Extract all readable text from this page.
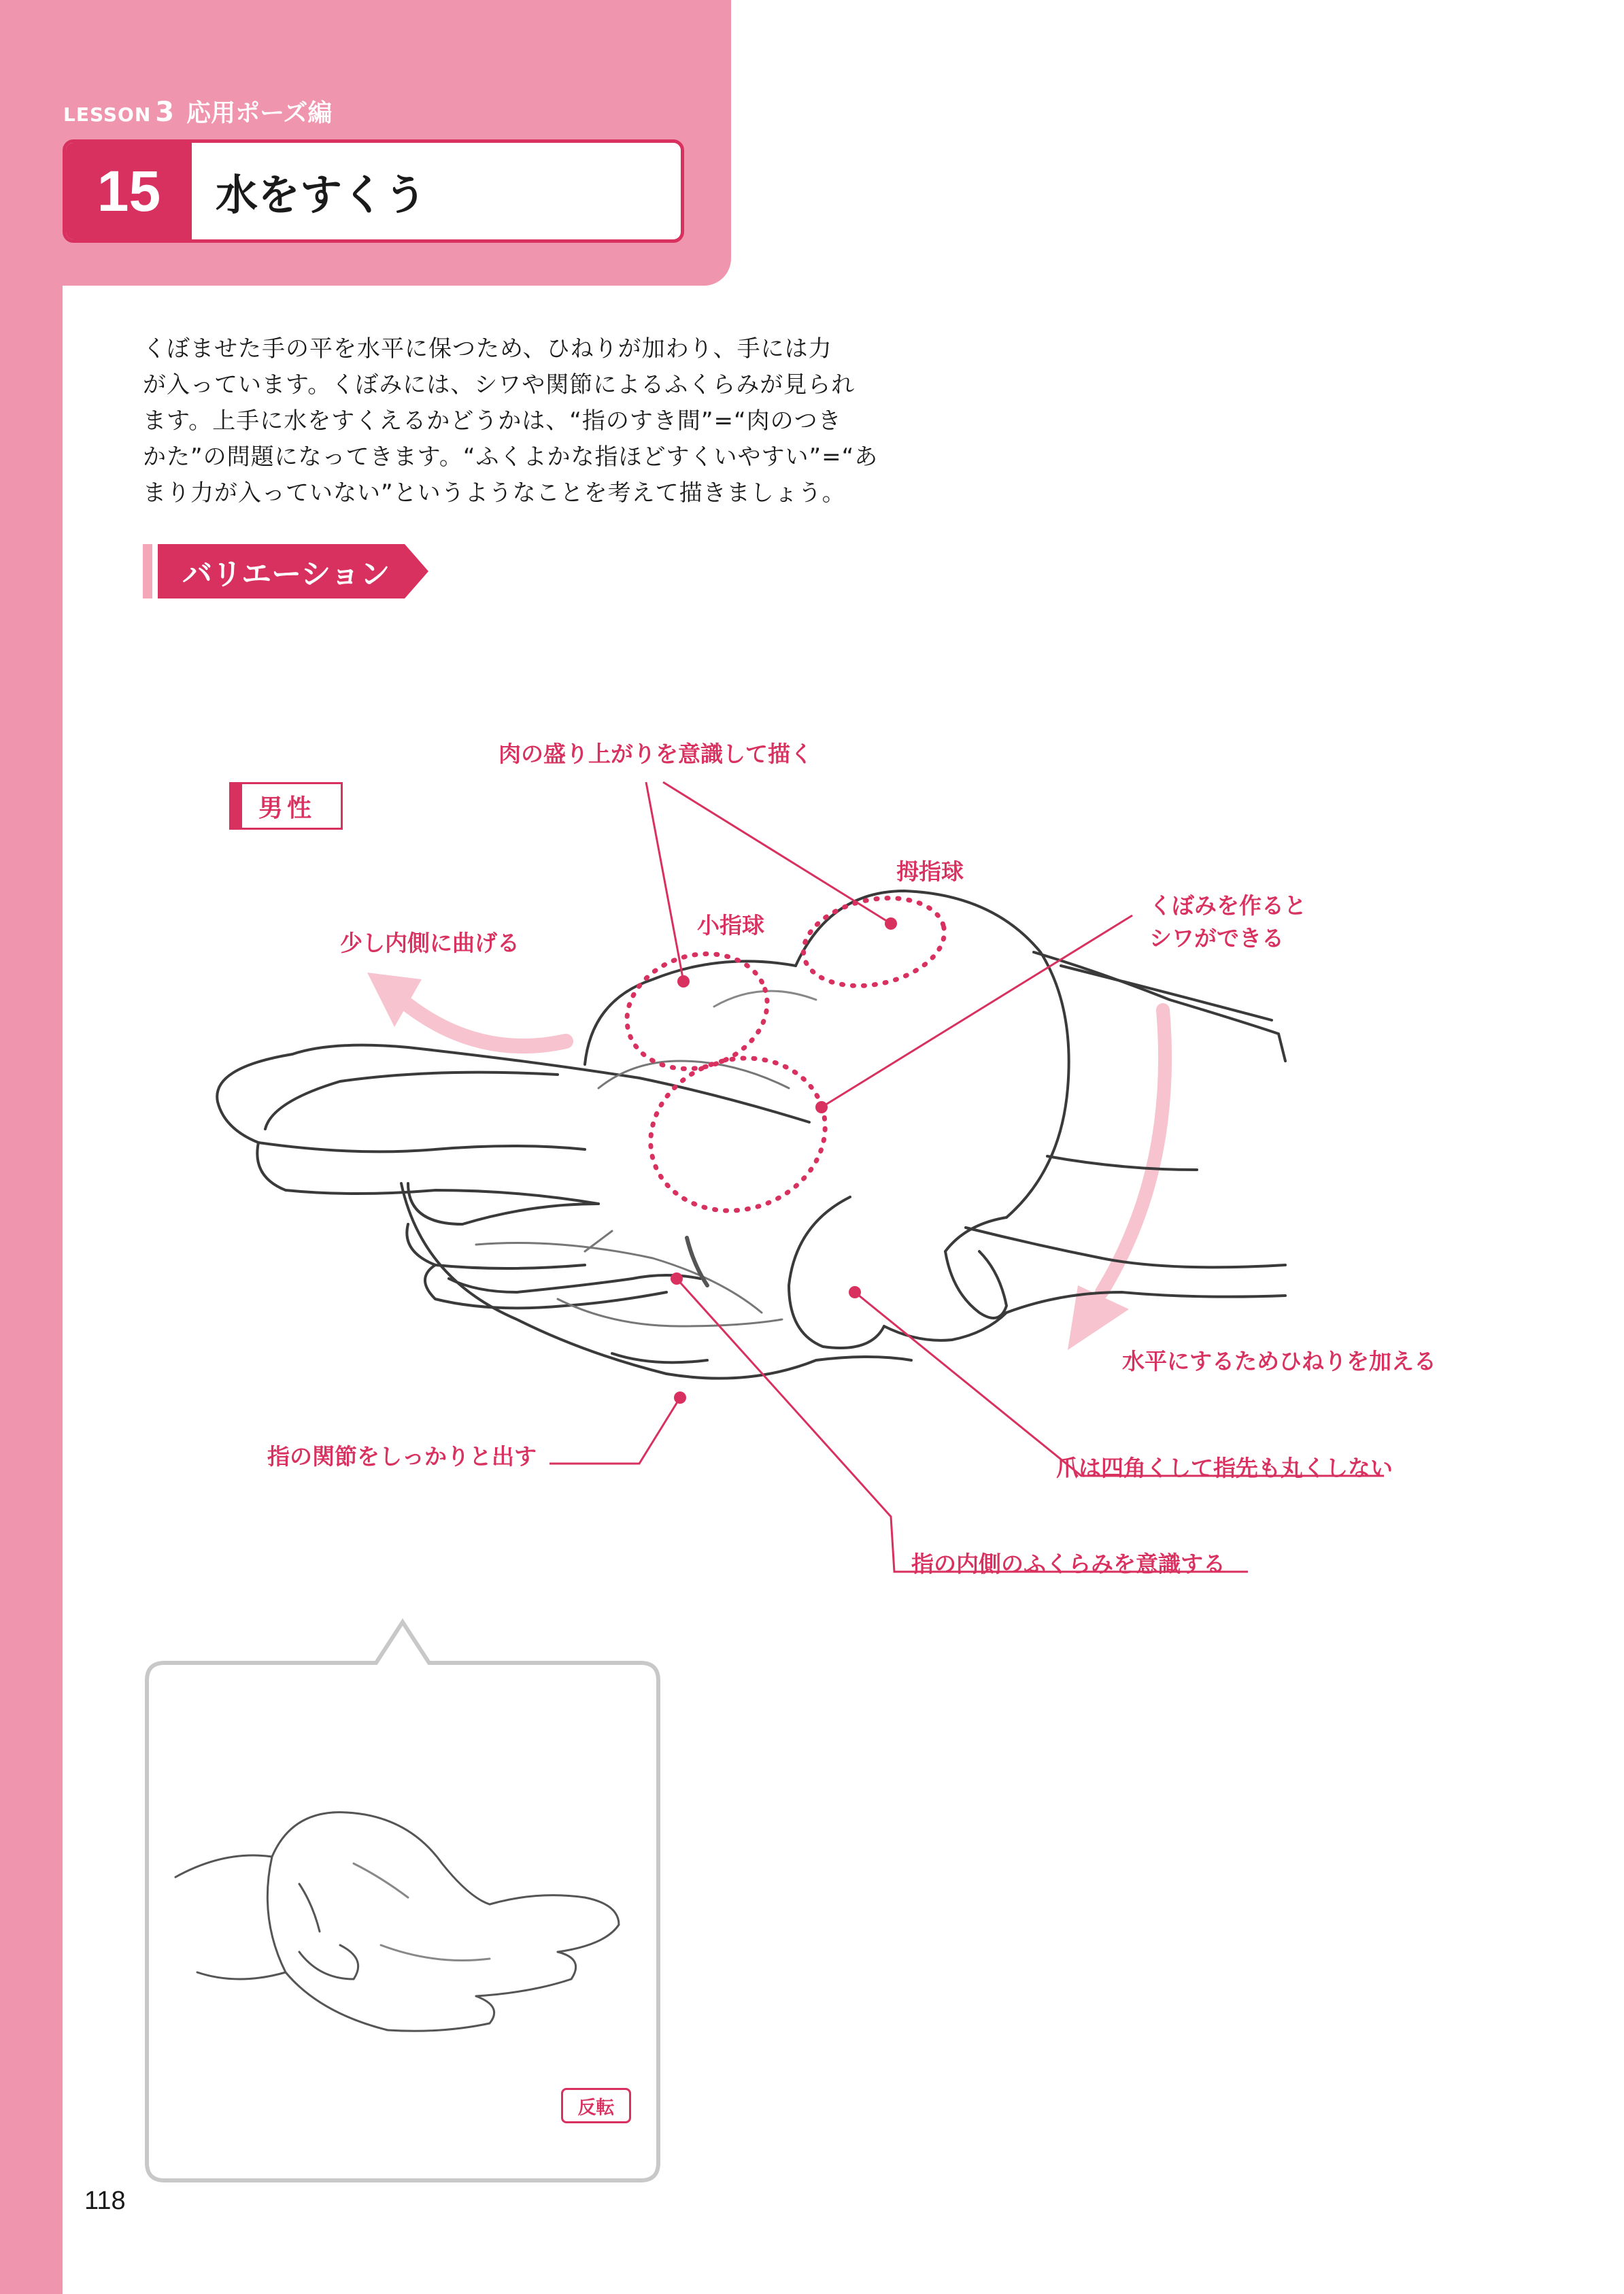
LESSON 3 応用ポーズ編
15	水をすくう
くぼませた手の平を水平に保つため、ひねりが加わり、手には力
が入っています。くぼみには、シワや関節によるふくらみが見られ
ます。上手に水をすくえるかどうかは、“指のすき間”=“肉のつき
かた”の問題になってきます。“ふくよかな指ほどすくいやすい”=“あ
まり力が入っていない”というようなことを考えて描きましょう。
バリエーション
男性
肉の盛り上がりを意識して描く
拇指球
小指球
少し内側に曲げる
くぼみを作ると
シワができる
水平にするためひねりを加える
指の関節をしっかりと出す	爪は四角くして指先も丸くしない
指の内側のふくらみを意識する
反転
118
